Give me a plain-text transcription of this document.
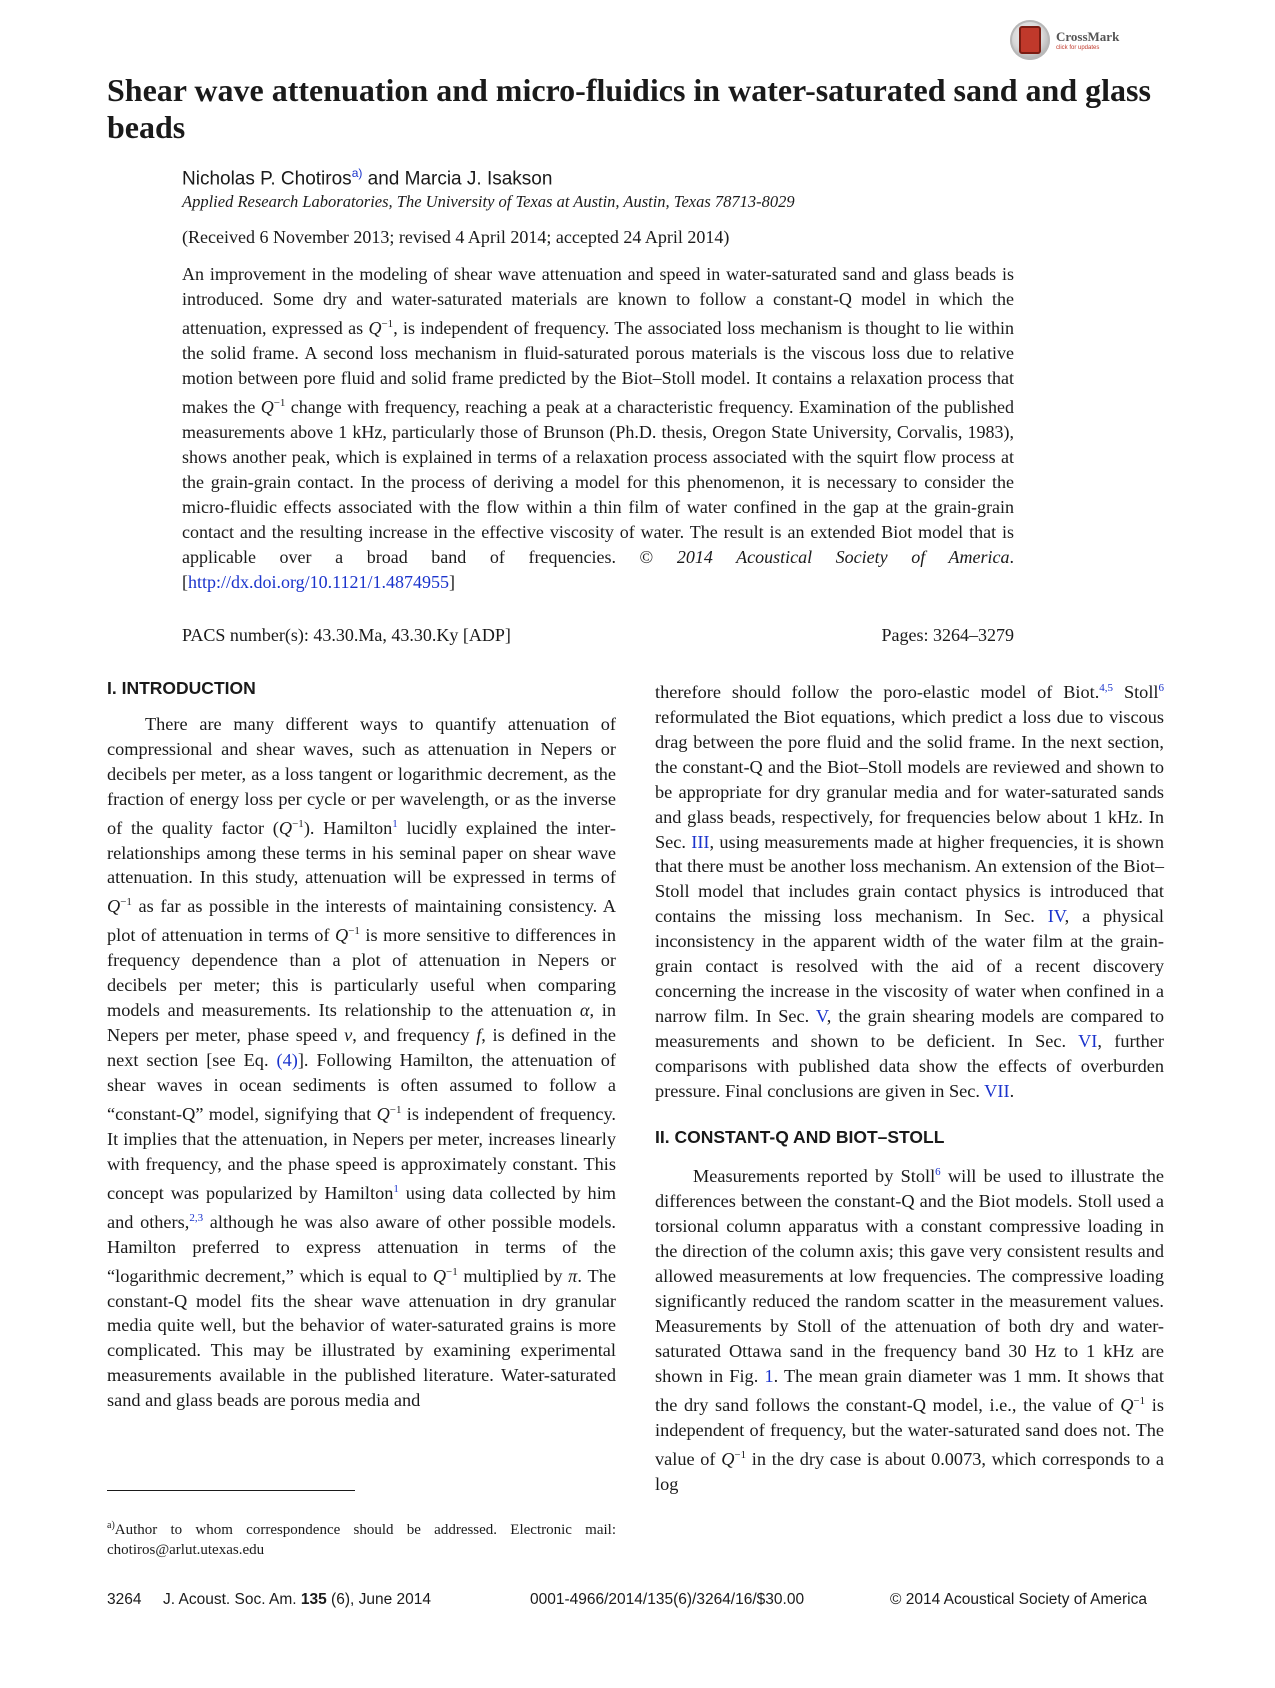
CrossMark
click for updates
Shear wave attenuation and micro-fluidics in water-saturated sand and glass beads
Nicholas P. Chotiros$^{a)}$ and Marcia J. Isakson
Applied Research Laboratories, The University of Texas at Austin, Austin, Texas 78713-8029
(Received 6 November 2013; revised 4 April 2014; accepted 24 April 2014)

An improvement in the modeling of shear wave attenuation and speed in water-saturated sand and glass beads is introduced. Some dry and water-saturated materials are known to follow a constant-Q model in which the attenuation, expressed as $Q^{-1}$, is independent of frequency. The associated loss mechanism is thought to lie within the solid frame. A second loss mechanism in fluid-saturated porous materials is the viscous loss due to relative motion between pore fluid and solid frame predicted by the Biot–Stoll model. It contains a relaxation process that makes the $Q^{-1}$ change with frequency, reaching a peak at a characteristic frequency. Examination of the published measurements above 1 kHz, particularly those of Brunson (Ph.D. thesis, Oregon State University, Corvalis, 1983), shows another peak, which is explained in terms of a relaxation process associated with the squirt flow process at the grain-grain contact. In the process of deriving a model for this phenomenon, it is necessary to consider the micro-fluidic effects associated with the flow within a thin film of water confined in the gap at the grain-grain contact and the resulting increase in the effective viscosity of water. The result is an extended Biot model that is applicable over a broad band of frequencies. © 2014 Acoustical Society of America. [http://dx.doi.org/10.1121/1.4874955]

PACS number(s): 43.30.Ma, 43.30.Ky [ADP]	Pages: 3264–3279

I. INTRODUCTION

There are many different ways to quantify attenuation of compressional and shear waves, such as attenuation in Nepers or decibels per meter, as a loss tangent or logarithmic decrement, as the fraction of energy loss per cycle or per wavelength, or as the inverse of the quality factor $(Q^{-1})$. Hamilton$^1$ lucidly explained the inter-relationships among these terms in his seminal paper on shear wave attenuation. In this study, attenuation will be expressed in terms of $Q^{-1}$ as far as possible in the interests of maintaining consistency. A plot of attenuation in terms of $Q^{-1}$ is more sensitive to differences in frequency dependence than a plot of attenuation in Nepers or decibels per meter; this is particularly useful when comparing models and measurements. Its relationship to the attenuation α, in Nepers per meter, phase speed v, and frequency f, is defined in the next section [see Eq. (4)]. Following Hamilton, the attenuation of shear waves in ocean sediments is often assumed to follow a “constant-Q” model, signifying that $Q^{-1}$ is independent of frequency. It implies that the attenuation, in Nepers per meter, increases linearly with frequency, and the phase speed is approximately constant. This concept was popularized by Hamilton$^1$ using data collected by him and others,$^{2,3}$ although he was also aware of other possible models. Hamilton preferred to express attenuation in terms of the “logarithmic decrement,” which is equal to $Q^{-1}$ multiplied by π. The constant-Q model fits the shear wave attenuation in dry granular media quite well, but the behavior of water-saturated grains is more complicated. This may be illustrated by examining experimental measurements available in the published literature. Water-saturated sand and glass beads are porous media and

therefore should follow the poro-elastic model of Biot.$^{4,5}$ Stoll$^6$ reformulated the Biot equations, which predict a loss due to viscous drag between the pore fluid and the solid frame. In the next section, the constant-Q and the Biot–Stoll models are reviewed and shown to be appropriate for dry granular media and for water-saturated sands and glass beads, respectively, for frequencies below about 1 kHz. In Sec. III, using measurements made at higher frequencies, it is shown that there must be another loss mechanism. An extension of the Biot–Stoll model that includes grain contact physics is introduced that contains the missing loss mechanism. In Sec. IV, a physical inconsistency in the apparent width of the water film at the grain-grain contact is resolved with the aid of a recent discovery concerning the increase in the viscosity of water when confined in a narrow film. In Sec. V, the grain shearing models are compared to measurements and shown to be deficient. In Sec. VI, further comparisons with published data show the effects of overburden pressure. Final conclusions are given in Sec. VII.

II. CONSTANT-Q AND BIOT–STOLL

Measurements reported by Stoll$^6$ will be used to illustrate the differences between the constant-Q and the Biot models. Stoll used a torsional column apparatus with a constant compressive loading in the direction of the column axis; this gave very consistent results and allowed measurements at low frequencies. The compressive loading significantly reduced the random scatter in the measurement values. Measurements by Stoll of the attenuation of both dry and water-saturated Ottawa sand in the frequency band 30 Hz to 1 kHz are shown in Fig. 1. The mean grain diameter was 1 mm. It shows that the dry sand follows the constant-Q model, i.e., the value of $Q^{-1}$ is independent of frequency, but the water-saturated sand does not. The value of $Q^{-1}$ in the dry case is about 0.0073, which corresponds to a log

$^{a)}$Author to whom correspondence should be addressed. Electronic mail: chotiros@arlut.utexas.edu
3264 J. Acoust. Soc. Am. 135 (6), June 2014	0001-4966/2014/135(6)/3264/16/$30.00	© 2014 Acoustical Society of America
